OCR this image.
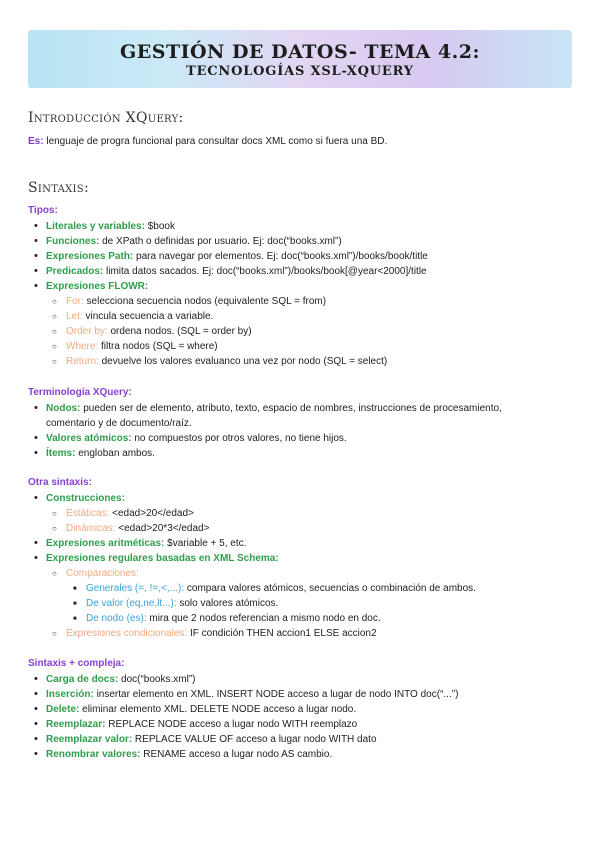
GESTIÓN DE DATOS- TEMA 4.2:
TECNOLOGÍAS XSL-XQUERY
Introducción XQuery:
Es: lenguaje de progra funcional para consultar docs XML como si fuera una BD.
Sintaxis:
Tipos:
• Literales y variables: $book
• Funciones: de XPath o definidas por usuario. Ej: doc(“books.xml”)
• Expresiones Path: para navegar por elementos. Ej: doc(“books.xml”)/books/book/title
• Predicados: limita datos sacados. Ej: doc(“books.xml”)/books/book[@year<2000]/title
• Expresiones FLOWR:
○ For: selecciona secuencia nodos (equivalente SQL = from)
○ Let: vincula secuencia a variable.
○ Order by: ordena nodos. (SQL = order by)
○ Where: filtra nodos (SQL = where)
○ Return: devuelve los valores evaluanco una vez por nodo (SQL = select)
Terminología XQuery:
• Nodos: pueden ser de elemento, atributo, texto, espacio de nombres, instrucciones de procesamiento,
comentario y de documento/raíz.
• Valores atómicos: no compuestos por otros valores, no tiene hijos.
• Ítems: engloban ambos.
Otra sintaxis:
• Construcciones:
○ Estáticas: <edad>20</edad>
○ Dinámicas: <edad>20*3</edad>
• Expresiones aritméticas: $variable + 5, etc.
• Expresiones regulares basadas en XML Schema:
○ Comparaciones:
■ Generales (=, !=,<,...): compara valores atómicos, secuencias o combinación de ambos.
■ De valor (eq,ne,lt...): solo valores atómicos.
■ De nodo (es): mira que 2 nodos referencian a mismo nodo en doc.
○ Expresiones condicionales: IF condición THEN accion1 ELSE accion2
Sintaxis + compleja:
• Carga de docs: doc(“books.xml”)
• Inserción: insertar elemento en XML. INSERT NODE acceso a lugar de nodo INTO doc(“...”)
• Delete: eliminar elemento XML. DELETE NODE acceso a lugar nodo.
• Reemplazar: REPLACE NODE acceso a lugar nodo WITH reemplazo
• Reemplazar valor: REPLACE VALUE OF acceso a lugar nodo WITH dato
• Renombrar valores: RENAME acceso a lugar nodo AS cambio.
